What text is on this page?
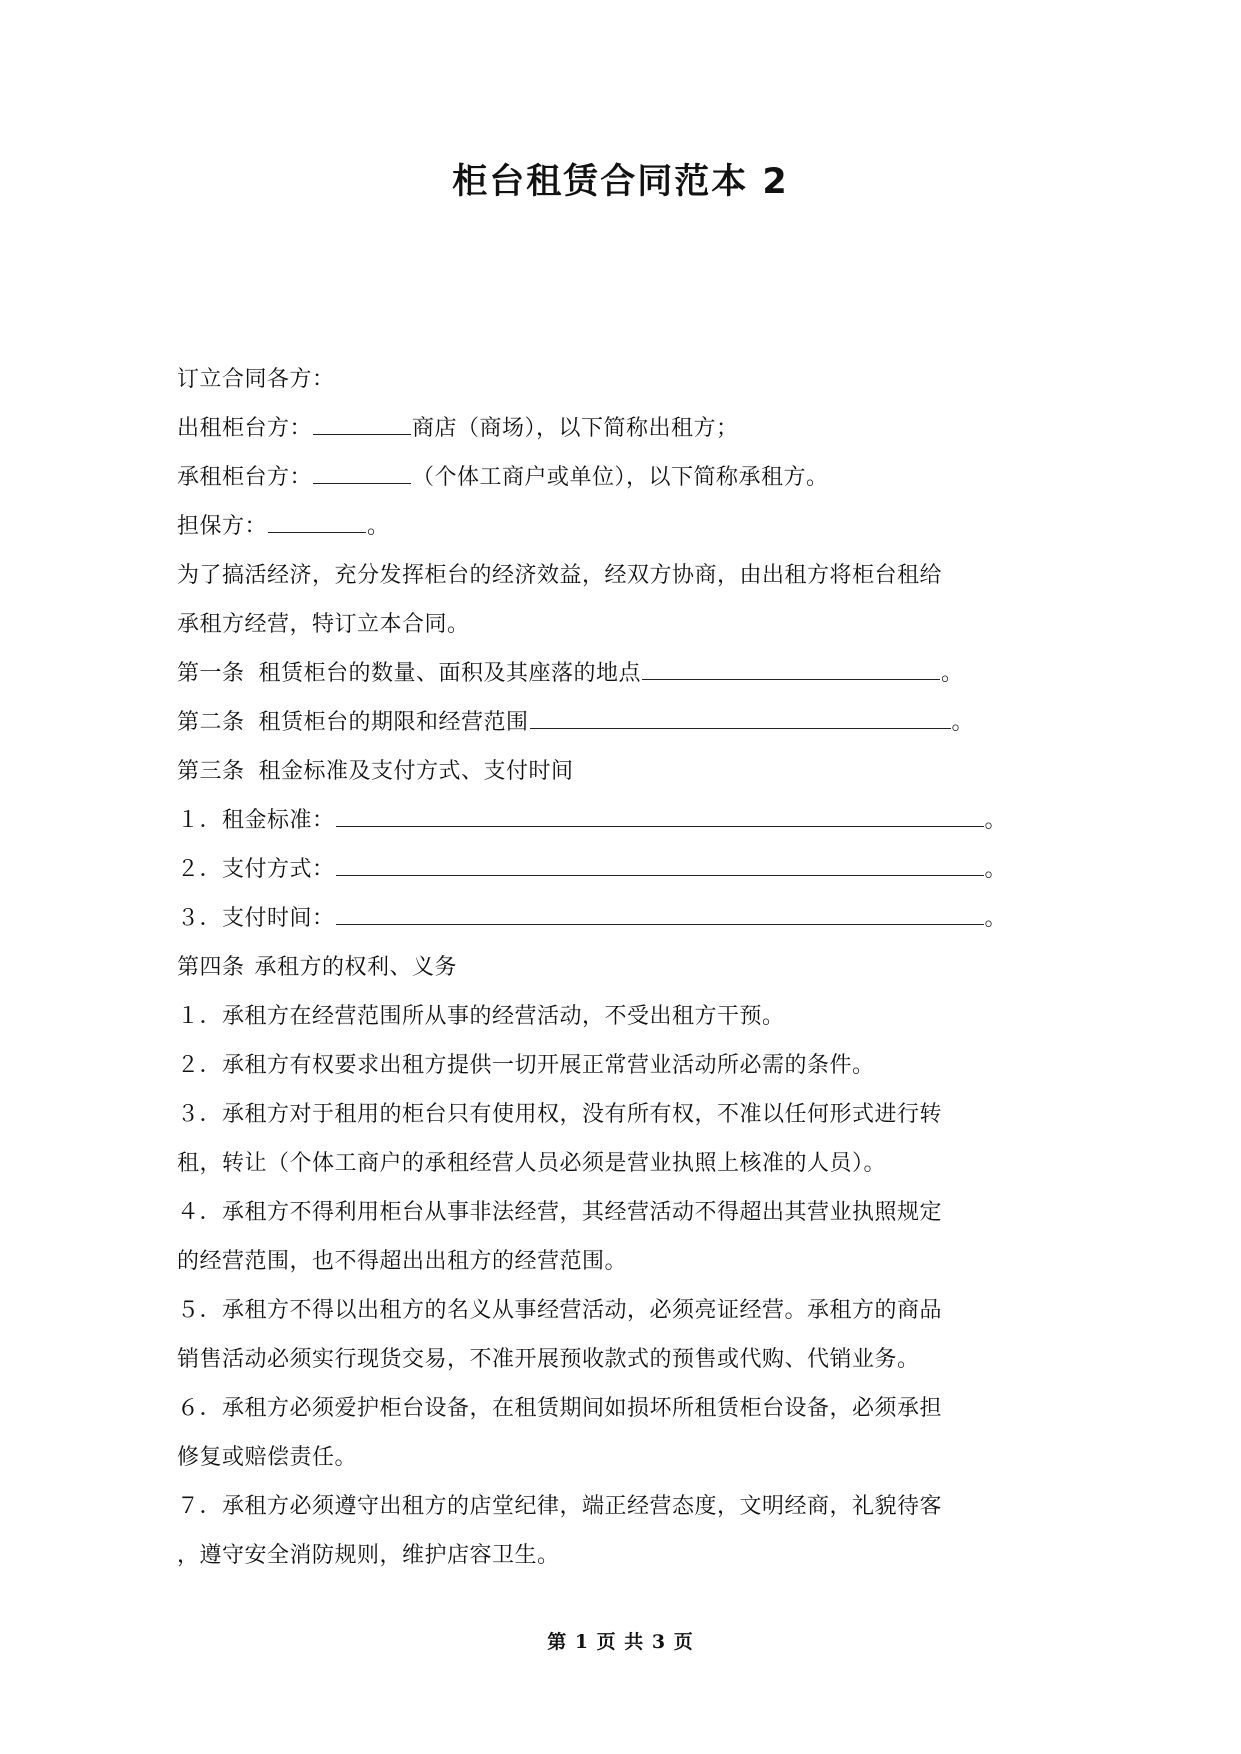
柜台租赁合同范本 2
订立合同各方：
出租柜台方：	商店（商场），以下简称出租方；
承租柜台方：	（个体工商户或单位），以下简称承租方。
担保方：	。
为了搞活经济，充分发挥柜台的经济效益，经双方协商，由出租方将柜台租给
承租方经营，特订立本合同。
第一条 租赁柜台的数量、面积及其座落的地点	。
第二条 租赁柜台的期限和经营范围	。
第三条 租金标准及支付方式、支付时间
１．租金标准：	。
２．支付方式：	。
３．支付时间：	。
第四条 承租方的权利、义务
１．承租方在经营范围所从事的经营活动，不受出租方干预。
２．承租方有权要求出租方提供一切开展正常营业活动所必需的条件。
３．承租方对于租用的柜台只有使用权，没有所有权，不准以任何形式进行转
租，转让（个体工商户的承租经营人员必须是营业执照上核准的人员）。
４．承租方不得利用柜台从事非法经营，其经营活动不得超出其营业执照规定
的经营范围，也不得超出出租方的经营范围。
５．承租方不得以出租方的名义从事经营活动，必须亮证经营。承租方的商品
销售活动必须实行现货交易，不准开展预收款式的预售或代购、代销业务。
６．承租方必须爱护柜台设备，在租赁期间如损坏所租赁柜台设备，必须承担
修复或赔偿责任。
７．承租方必须遵守出租方的店堂纪律，端正经营态度，文明经商，礼貌待客
，遵守安全消防规则，维护店容卫生。
第 1 页 共 3 页
